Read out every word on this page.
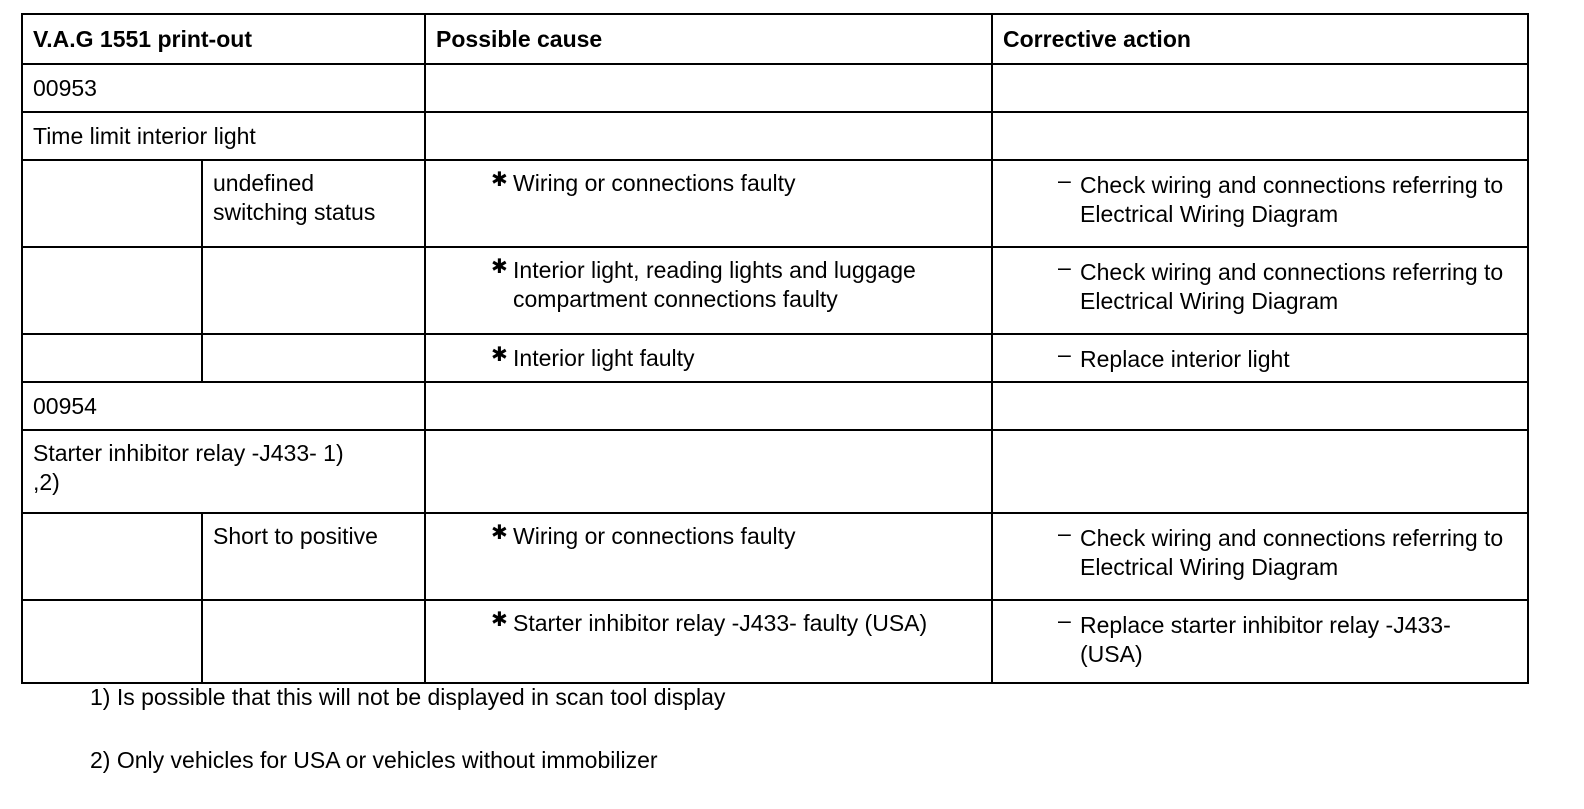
V.A.G 1551 print-out		Possible cause	Corrective action
00953			
Time limit interior light			
	undefined switching status	✱ Wiring or connections faulty	– Check wiring and connections referring to Electrical Wiring Diagram

		✱ Interior light, reading lights and luggage compartment connections faulty	– Check wiring and connections referring to Electrical Wiring Diagram

		✱ Interior light faulty	– Replace interior light

00954			
Starter inhibitor relay -J433- 1) ,2)			
	Short to positive	✱ Wiring or connections faulty	– Check wiring and connections referring to Electrical Wiring Diagram

		✱ Starter inhibitor relay -J433- faulty (USA)	– Replace starter inhibitor relay -J433- (USA)

1) Is possible that this will not be displayed in scan tool display

2) Only vehicles for USA or vehicles without immobilizer
